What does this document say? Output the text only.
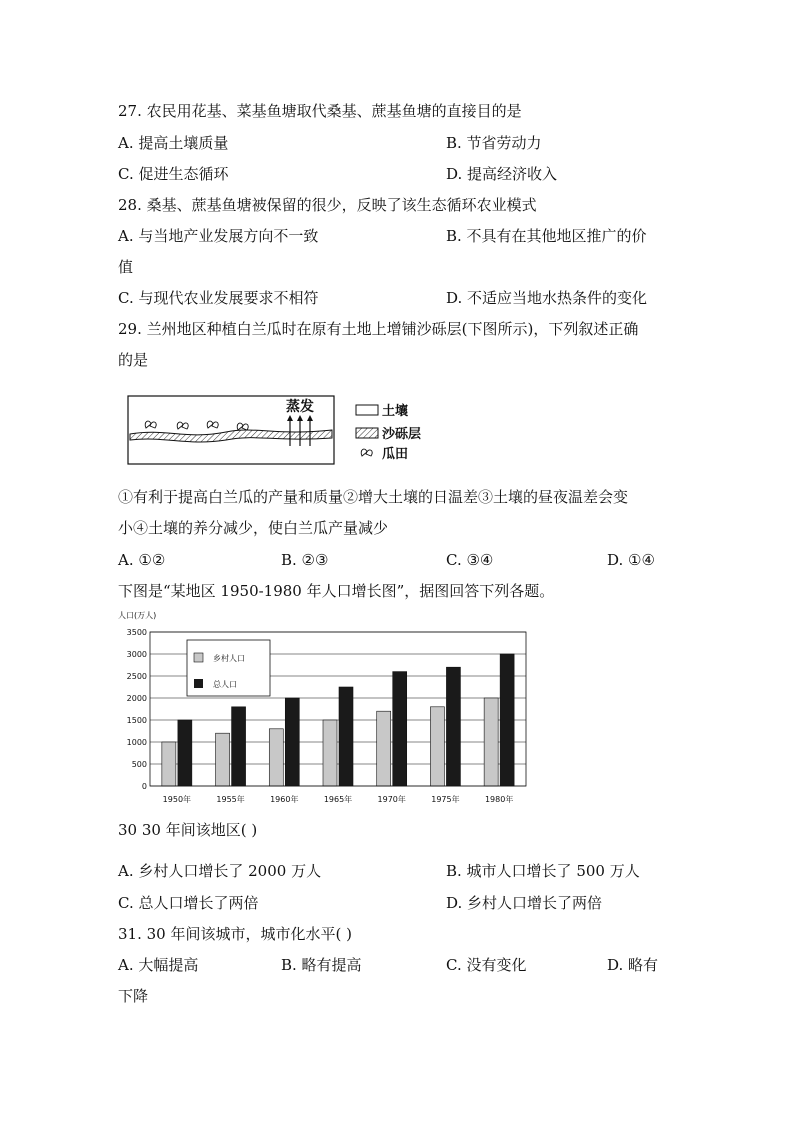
27. 农民用花基、菜基鱼塘取代桑基、蔗基鱼塘的直接目的是
A. 提高土壤质量	B. 节省劳动力
C. 促进生态循环	D. 提高经济收入
28. 桑基、蔗基鱼塘被保留的很少，反映了该生态循环农业模式
A. 与当地产业发展方向不一致	B. 不具有在其他地区推广的价
值
C. 与现代农业发展要求不相符	D. 不适应当地水热条件的变化
29. 兰州地区种植白兰瓜时在原有土地上增铺沙砾层(下图所示)，下列叙述正确
的是
蒸发	土壤
沙砾层
瓜田
①有利于提高白兰瓜的产量和质量②增大土壤的日温差③土壤的昼夜温差会变
小④土壤的养分减少，使白兰瓜产量减少
A. ①②	B. ②③	C. ③④	D. ①④
下图是“某地区 1950-1980 年人口增长图”，据图回答下列各题。
人口(万人)
0
500
1000
1500
2000
2500
3000
3500
1950年	1955年	1960年	1965年	1970年	1975年	1980年
乡村人口
总人口
30 30 年间该地区( )
A. 乡村人口增长了 2000 万人	B. 城市人口增长了 500 万人
C. 总人口增长了两倍	D. 乡村人口增长了两倍
31. 30 年间该城市，城市化水平( )
A. 大幅提高	B. 略有提高	C. 没有变化	D. 略有
下降
